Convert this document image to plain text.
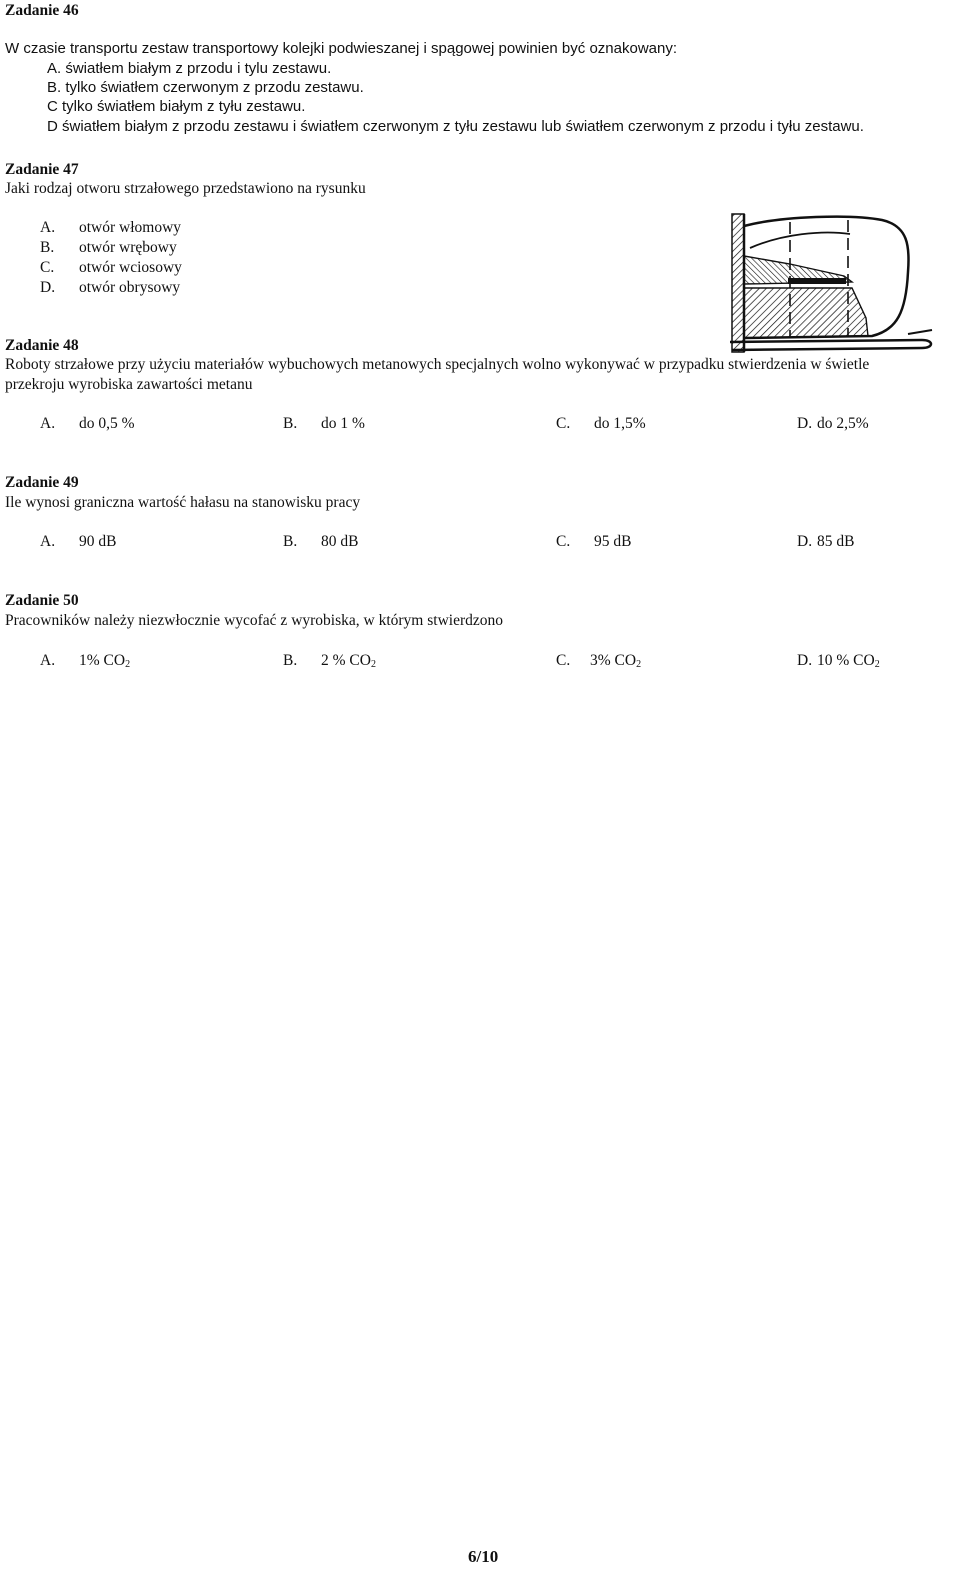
Zadanie 46
W czasie transportu zestaw transportowy kolejki podwieszanej i spągowej powinien być oznakowany:
A. światłem białym z przodu i tylu zestawu.
B. tylko światłem czerwonym z przodu zestawu.
C tylko światłem białym z tyłu zestawu.
D światłem białym z przodu zestawu i światłem czerwonym z tyłu zestawu lub światłem czerwonym z przodu i tyłu zestawu.
Zadanie 47
Jaki rodzaj otworu strzałowego przedstawiono na rysunku
A. otwór włomowy
B. otwór wrębowy
C. otwór wciosowy
D. otwór obrysowy
Zadanie 48
Roboty strzałowe przy użyciu materiałów wybuchowych metanowych specjalnych wolno wykonywać w przypadku stwierdzenia w świetle
przekroju wyrobiska zawartości metanu
A. do 0,5 %	B. do 1 %	C. do 1,5%	D. do 2,5%
Zadanie 49
Ile wynosi graniczna wartość hałasu na stanowisku pracy
A. 90 dB	B. 80 dB	C. 95 dB	D. 85 dB
Zadanie 50
Pracowników należy niezwłocznie wycofać z wyrobiska, w którym stwierdzono
A. 1% $CO_2$	B. 2 % $CO_2$	C. 3% $CO_2$	D. 10 % $CO_2$
6/10
